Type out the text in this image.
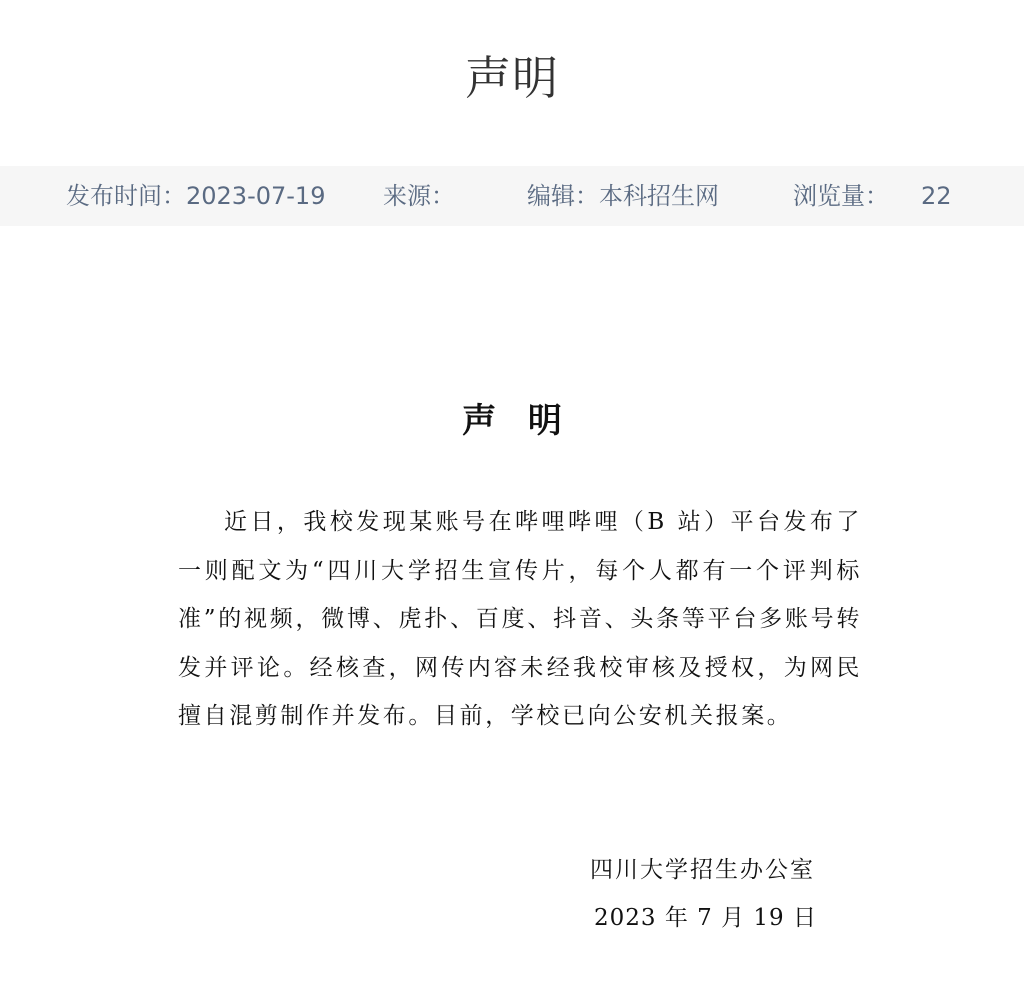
声明
发布时间：2023-07-19 来源：	编辑：本科招生网	浏览量： 22
声 明
近日，我校发现某账号在哔哩哔哩（B 站）平台发布了一则配文为“四川大学招生宣传片，每个人都有一个评判标准”的视频，微博、虎扑、百度、抖音、头条等平台多账号转发并评论。经核查，网传内容未经我校审核及授权，为网民擅自混剪制作并发布。目前，学校已向公安机关报案。
四川大学招生办公室
2023 年 7 月 19 日
